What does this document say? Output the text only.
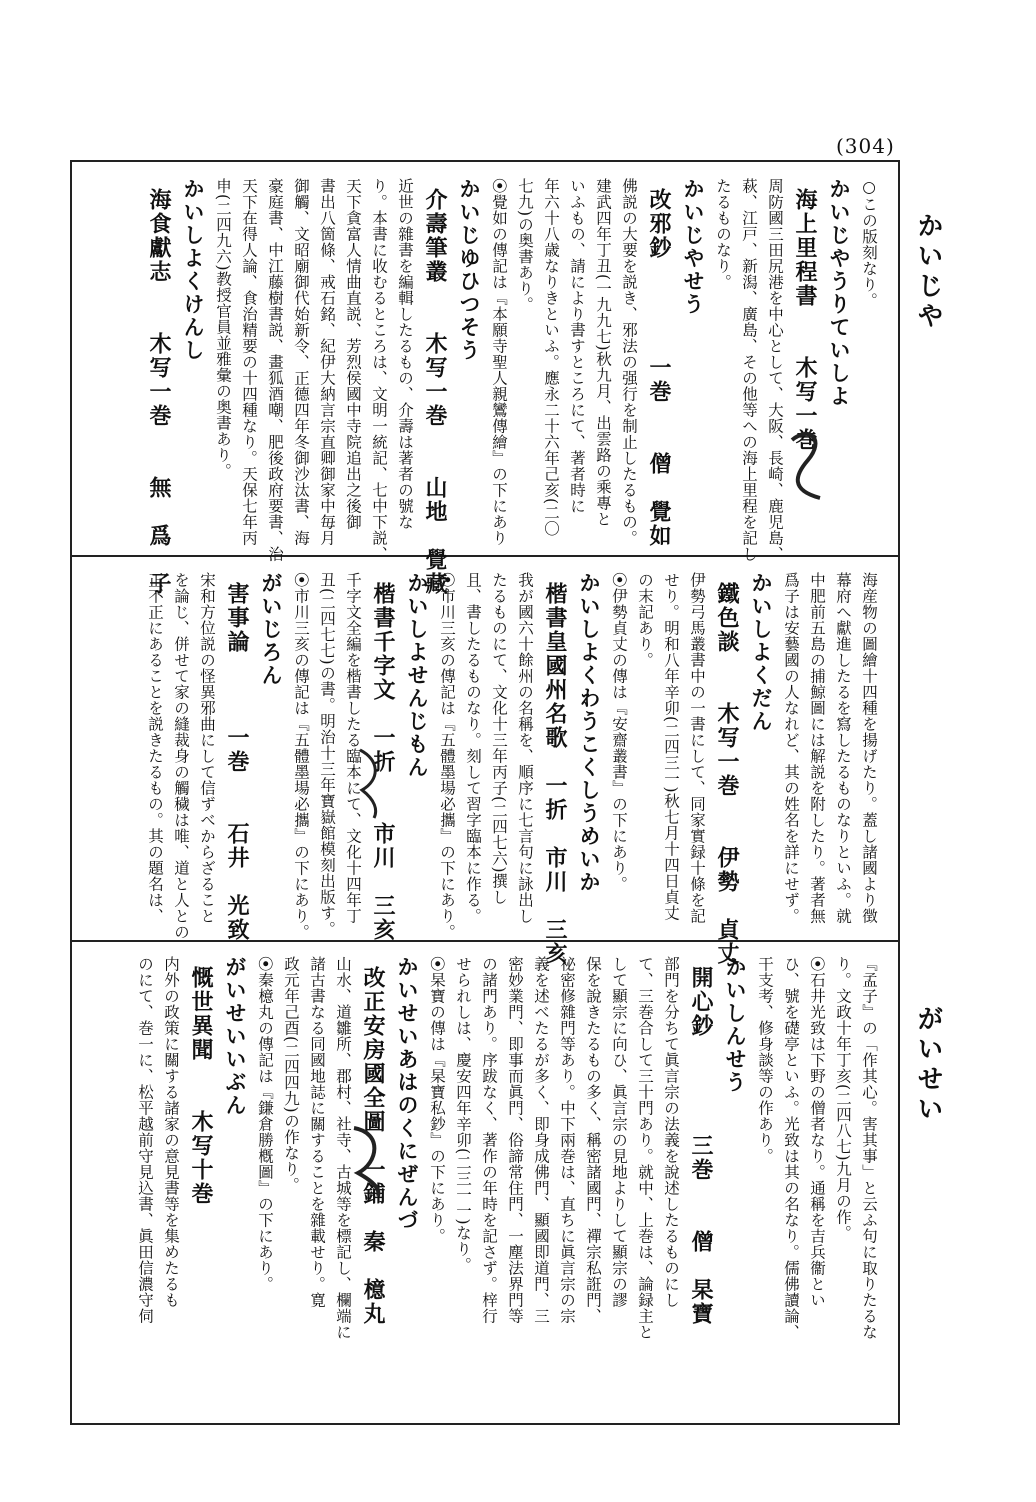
(304)
かいじや
がいせい
○この版刻なり。
かいじやうりていしよ
海上里程書　　木写一巻
周防國三田尻港を中心として、大阪、長崎、鹿児島、
萩、江戸、新潟、廣島、その他等への海上里程を記し
たるものなり。
かいじやせう
改邪鈔　　　　一巻　　僧　覺如
佛説の大要を説き、邪法の强行を制止したるもの。
建武四年丁丑(一九九七)秋九月、出雲路の乘專と
いふもの、請により書すところにて、著者時に
年六十八歳なりきといふ。應永二十六年己亥(二〇
七九)の奥書あり。
⦿覺如の傳記は『本願寺聖人親鸞傳繪』の下にあり
かいじゆひつそう
介壽筆叢　　木写一巻　　山地　覺藏
近世の雜書を編輯したるもの、介壽は著者の號な
り。本書に收むるところは、文明一統記、七中下説、
天下貪富人情曲直説、芳烈侯國中寺院追出之後御
書出八箇條、戒石銘、紀伊大納言宗直卿御家中毎月
御觸、文昭廟御代始新令、正德四年冬御沙汰書、海
豪庭書、中江藤樹書説、畫狐酒嘲、肥後政府要書、治
天下在得人論、食治精要の十四種なり。天保七年丙
申(二四九六)教授官員並雅彙の奥書あり。
かいしよくけんし
海食獻志　　木写一巻　　無　爲　子
海産物の圖繪十四種を揚げたり。蓋し諸國より徴
幕府へ獻進したるを寫したるものなりといふ。就
中肥前五島の捕鯨圖には解説を附したり。著者無
爲子は安藝國の人なれど、其の姓名を詳にせず。
かいしよくだん
鐵色談　　木写一巻　　伊勢　貞丈
伊勢弓馬叢書中の一書にして、同家實録十條を記
せり。明和八年辛卯(二四三一)秋七月十四日貞丈
の末記あり。
⦿伊勢貞丈の傳は『安齋叢書』の下にあり。
かいしよくわうこくしうめいか
楷書皇國州名歌　一折　市川　三亥
我が國六十餘州の名稱を、順序に七言句に詠出し
たるものにて、文化十三年丙子(二四七六)撰し
且、書したるものなり。刻して習字臨本に作る。
⦿市川三亥の傳記は『五體墨場必攜』の下にあり。
かいしよせんじもん
楷書千字文　一折　　市川　三亥
千字文全編を楷書したる臨本にて、文化十四年丁
丑(二四七七)の書。明治十三年寶嶽館模刻出版す。
⦿市川三亥の傳記は『五體墨場必攜』の下にあり。
がいじろん
害事論　　　一巻　　石井　光致
宋和方位説の怪異邪曲にして信ずべからざること
を論じ、併せて家の縫裁身の觸穢は唯、道と人との
正不正にあることを説きたるもの。其の題名は、
『孟子』の「作其心。害其事」と云ふ句に取りたるな
り。文政十年丁亥(二四八七)九月の作。
⦿石井光致は下野の僧者なり。通稱を吉兵衞とい
ひ、號を礎亭といふ。光致は其の名なり。儒佛讀論、
干支考、修身談等の作あり。
かいしんせう
開心鈔　　　　三巻　　僧　杲寶
部門を分ちて眞言宗の法義を說述したるものにし
て、三巻合して三十門あり。就中、上巻は、論録主と
して顯宗に向ひ、眞言宗の見地よりして顯宗の謬
保を說きたるもの多く、稱密諸國門、禪宗私誑門、
祕密修雜門等あり。中下兩巻は、直ちに眞言宗の宗
義を述べたるが多く、即身成佛門、顯國即道門、三
密妙業門、即事而眞門、俗諦常住門、一塵法界門等
の諸門あり。序跋なく、著作の年時を記さず。梓行
せられしは、慶安四年辛卯(二三一一)なり。
⦿杲寶の傳は『杲寶私鈔』の下にあり。
かいせいあはのくにぜんづ
改正安房國全圖　一鋪　秦　檍丸
山水、道雛所、郡村、社寺、古城等を標記し、欄端に
諸古書なる同國地誌に關することを雜載せり。寛
政元年己酉(二四四九)の作なり。
⦿秦檍丸の傳記は『鎌倉勝槪圖』の下にあり。
がいせいいぶん
慨世異聞　　木写十巻
内外の政策に關する諸家の意見書等を集めたるも
のにて、巻一に、松平越前守見込書、眞田信濃守伺
